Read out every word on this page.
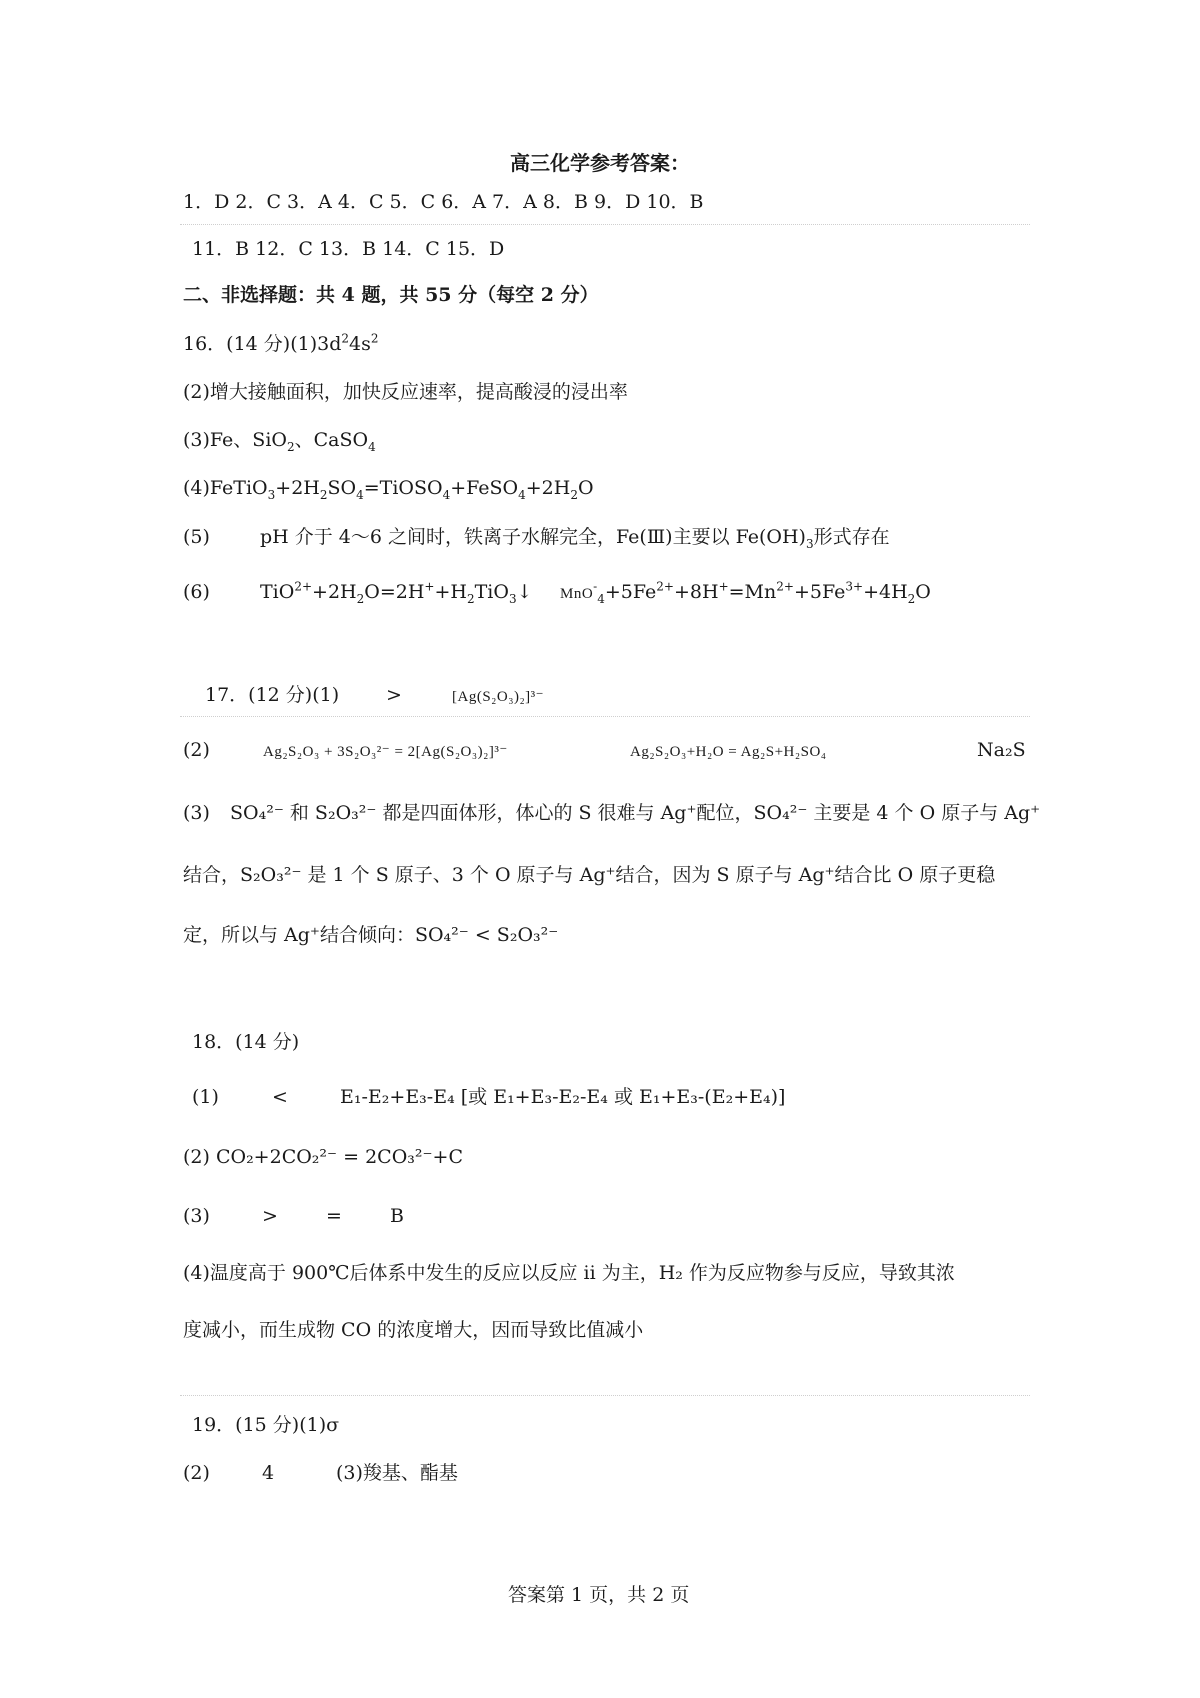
高三化学参考答案：
1．D 2．C 3．A 4．C 5．C 6．A 7．A 8．B 9．D 10．B
11．B 12．C 13．B 14．C 15．D
二、非选择题：共 4 题，共 55 分（每空 2 分）
16．(14 分)$(1)3d^24s^2$
(2)增大接触面积，加快反应速率，提高酸浸的浸出率
(3)Fe、SiO$_2$、CaSO$_4$
$(4)FeTiO_3+2H_2SO_4=TiOSO_4+FeSO_4+2H_2O$
(5)	pH 介于 4～6 之间时，铁离子水解完全，Fe(Ⅲ)主要以 $Fe(OH)_3$形式存在
(6)	$TiO^{2+}+2H_2O=2H^++H_2TiO_3↓$ $MnO^-_4+5Fe^{2+}+8H^+=Mn^{2+}+5Fe^{3+}+4H_2O$
17．(12 分)(1) >	[Ag(S₂O₃)₂]³⁻
(2)	Ag₂S₂O₃ + 3S₂O₃²⁻ = 2[Ag(S₂O₃)₂]³⁻	Ag₂S₂O₃+H₂O = Ag₂S+H₂SO₄	Na₂S
(3) SO₄²⁻ 和 S₂O₃²⁻ 都是四面体形，体心的 S 很难与 Ag⁺配位，SO₄²⁻ 主要是 4 个 O 原子与 Ag⁺
结合，S₂O₃²⁻ 是 1 个 S 原子、3 个 O 原子与 Ag⁺结合，因为 S 原子与 Ag⁺结合比 O 原子更稳
定，所以与 Ag⁺结合倾向：SO₄²⁻ < S₂O₃²⁻
18．(14 分)
(1)	<	E₁-E₂+E₃-E₄ [或 E₁+E₃-E₂-E₄ 或 E₁+E₃-(E₂+E₄)]
(2) CO₂+2CO₂²⁻ = 2CO₃²⁻+C
(3)	>	=	B
(4)温度高于 900℃后体系中发生的反应以反应 ii 为主，H₂ 作为反应物参与反应，导致其浓
度减小，而生成物 CO 的浓度增大，因而导致比值减小
19．(15 分)(1)σ
(2)	4	(3)羧基、酯基
答案第 1 页，共 2 页
